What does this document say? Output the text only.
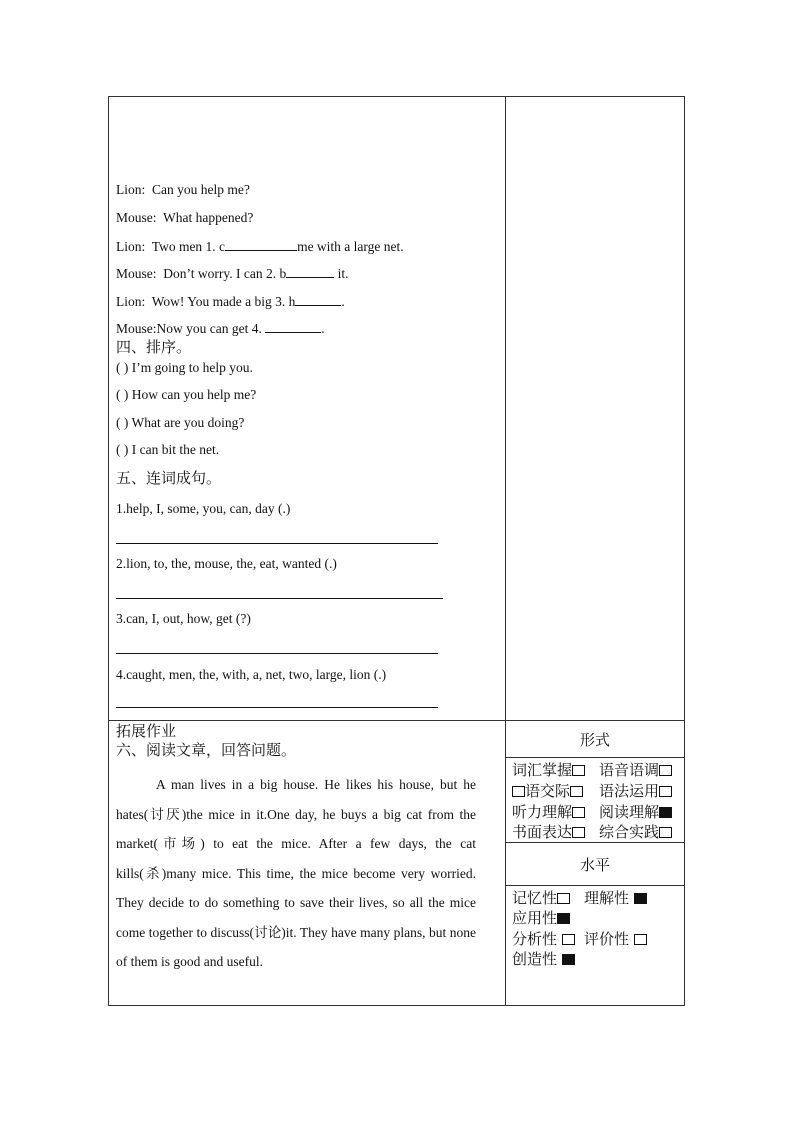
Lion: Can you help me?
Mouse: What happened?
Lion: Two men 1. c	me with a large net.
Mouse: Don’t worry. I can 2. b	it.
Lion: Wow! You made a big 3. h	.
Mouse:Now you can get 4.	.
四、排序。
( ) I’m going to help you.
( ) How can you help me?
( ) What are you doing?
( ) I can bit the net.
五、连词成句。
1.help, I, some, you, can, day (.)
2.lion, to, the, mouse, the, eat, wanted (.)
3.can, I, out, how, get (?)
4.caught, men, the, with, a, net, two, large, lion (.)
拓展作业
六、阅读文章，回答问题。

A man lives in a big house. He likes his house, but he hates(讨厌)the mice in it.One day, he buys a big cat from the market(市场) to eat the mice. After a few days, the cat kills(杀)many mice. This time, the mice become very worried. They decide to do something to save their lives, so all the mice come together to discuss(讨论)it. They have many plans, but none of them is good and useful.

形式
词汇掌握	语音语调
语交际	语法运用
听力理解	阅读理解
书面表达	综合实践
水平
记忆性	理解性
应用性
分析性	评价性
创造性
